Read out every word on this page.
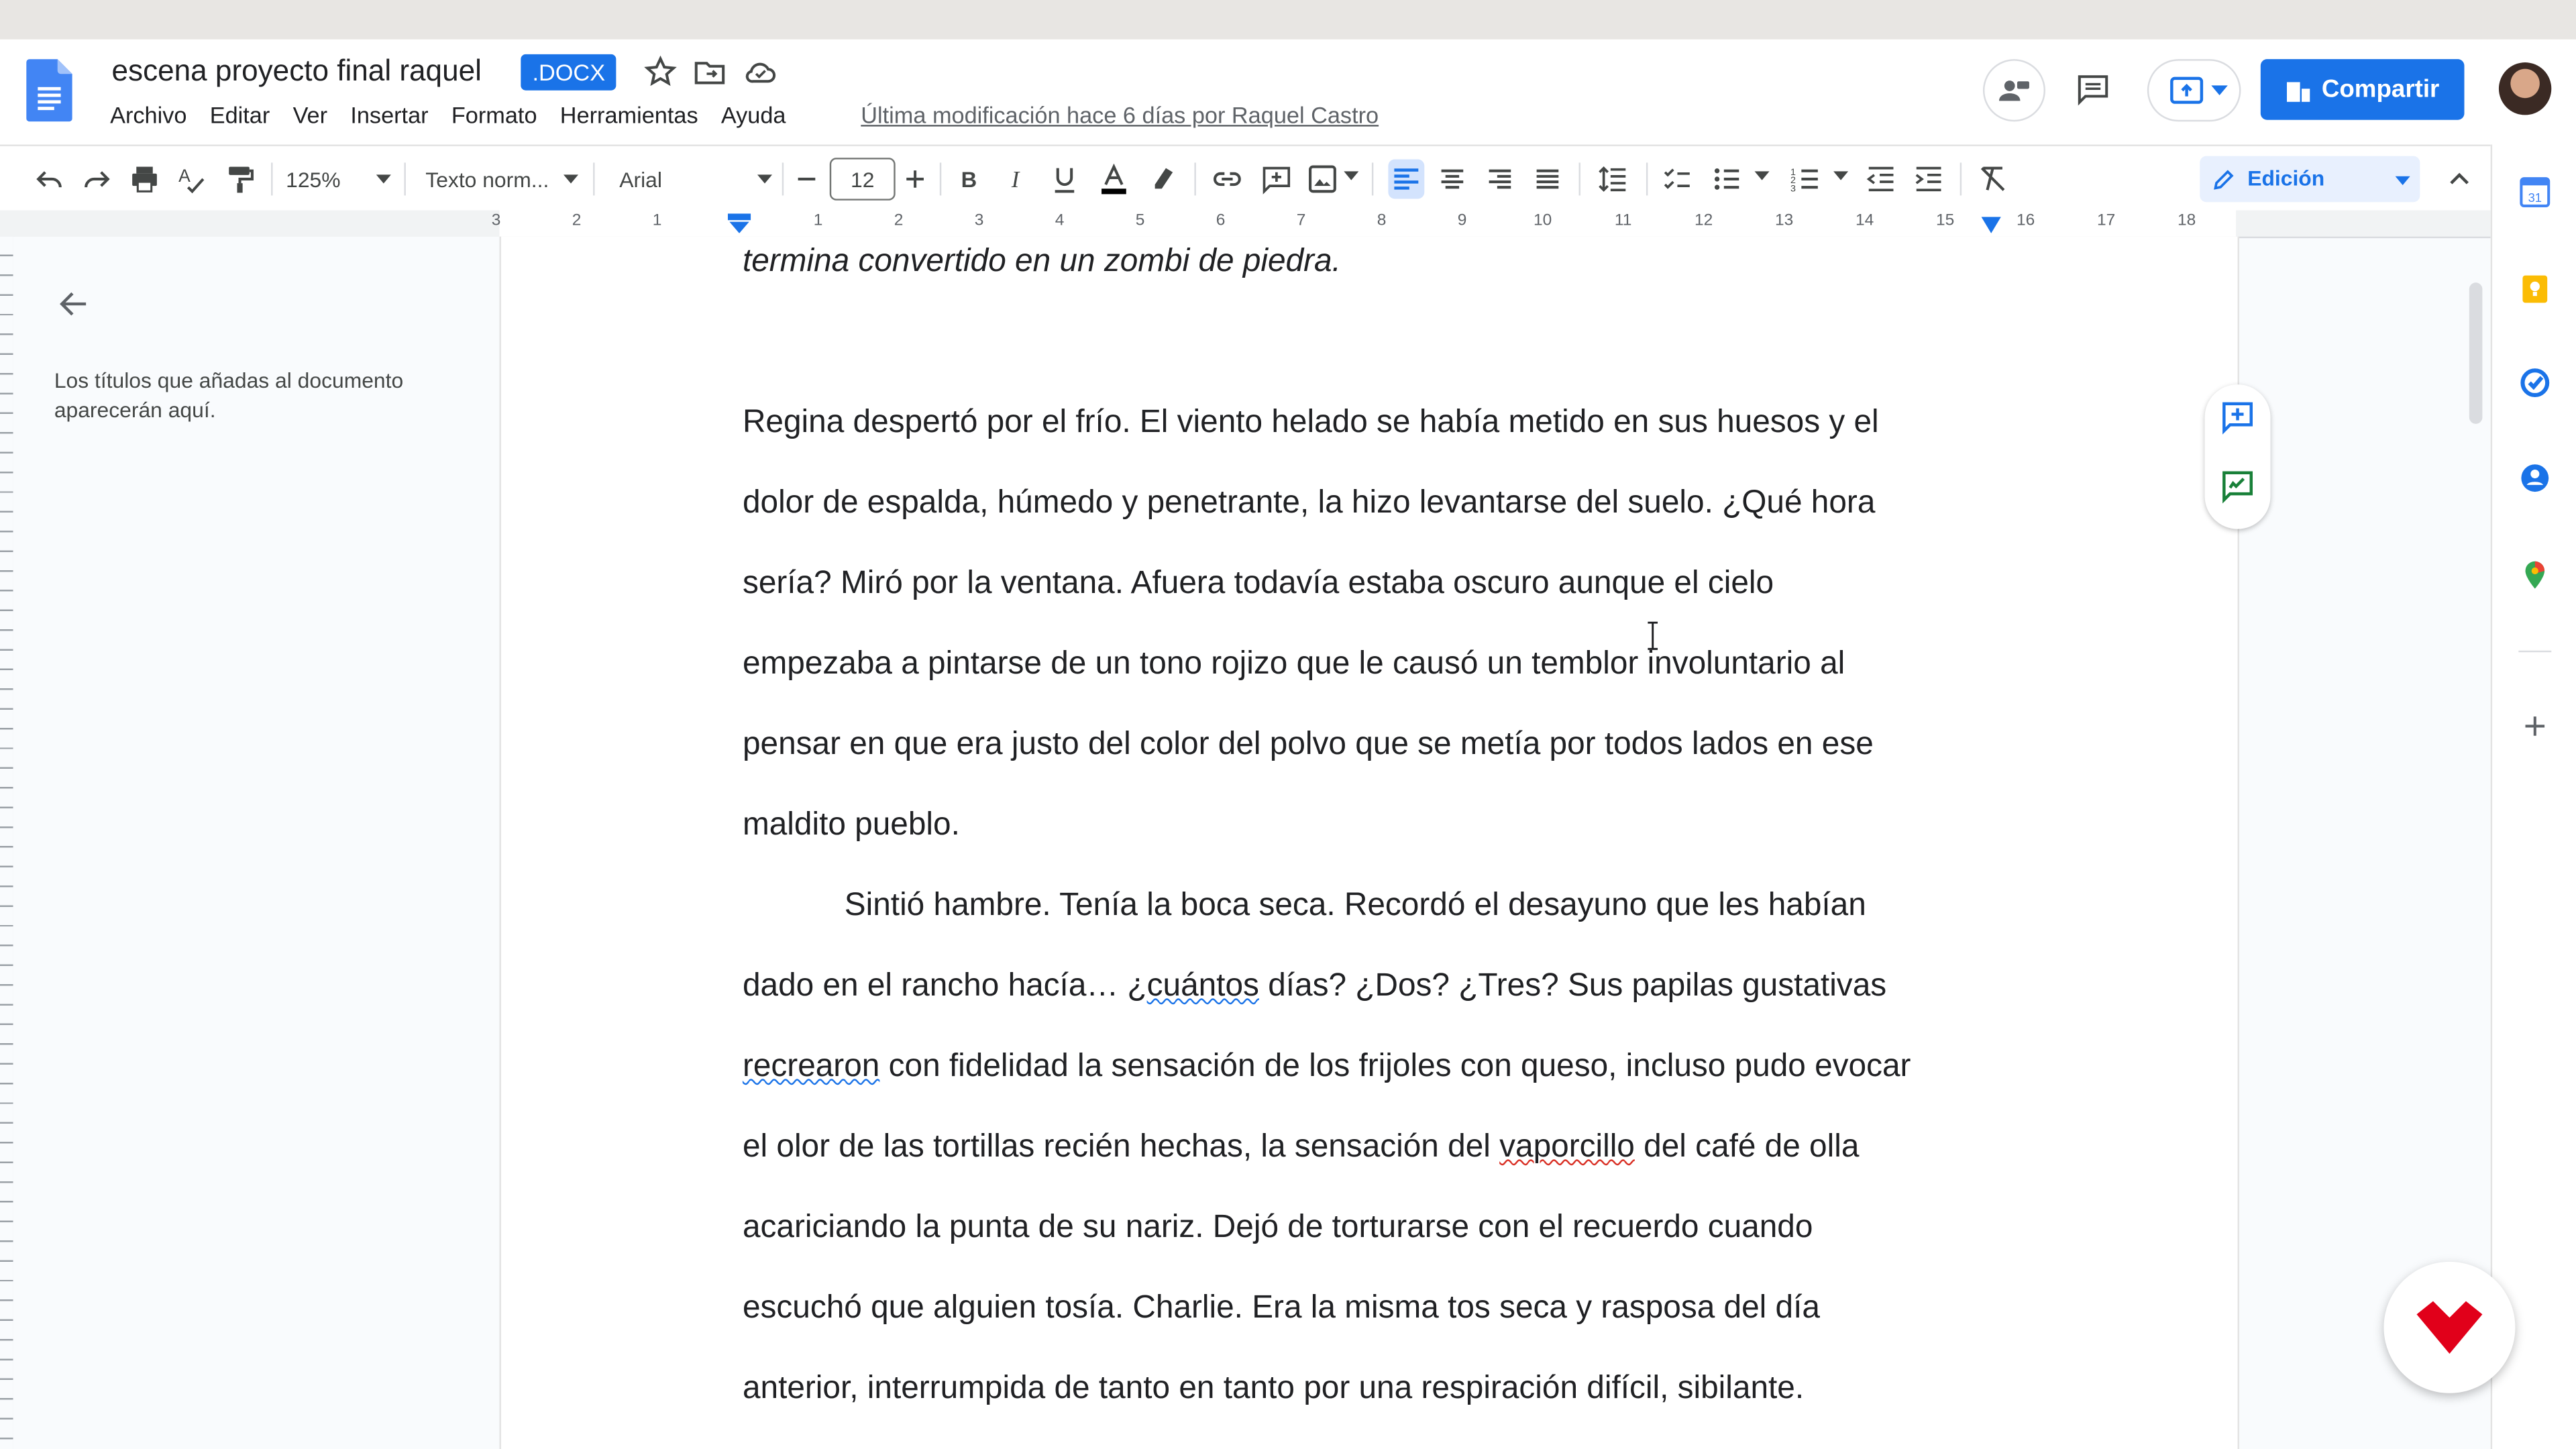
escena proyecto final raquel	.DOCX
Archivo	Editar	Ver	Insertar	Formato	Herramientas	Ayuda	Última modificación hace 6 días por Raquel Castro
Compartir
A	125%	Texto norm...	Arial	12	B	I	1
2
3	Edición
3	2	1	1	2	3	4	5	6	7	8	9	10	11	12	13	14	15	16	17	18
Los títulos que añadas al documento aparecerán aquí.
termina convertido en un zombi de piedra.
Regina despertó por el frío. El viento helado se había metido en sus huesos y el
dolor de espalda, húmedo y penetrante, la hizo levantarse del suelo. ¿Qué hora
sería? Miró por la ventana. Afuera todavía estaba oscuro aunque el cielo
empezaba a pintarse de un tono rojizo que le causó un temblor involuntario al
pensar en que era justo del color del polvo que se metía por todos lados en ese
maldito pueblo.
Sintió hambre. Tenía la boca seca. Recordó el desayuno que les habían
dado en el rancho hacía… ¿cuántos días? ¿Dos? ¿Tres? Sus papilas gustativas
recrearon con fidelidad la sensación de los frijoles con queso, incluso pudo evocar
el olor de las tortillas recién hechas, la sensación del vaporcillo del café de olla
acariciando la punta de su nariz. Dejó de torturarse con el recuerdo cuando
escuchó que alguien tosía. Charlie. Era la misma tos seca y rasposa del día
anterior, interrumpida de tanto en tanto por una respiración difícil, sibilante.
31
